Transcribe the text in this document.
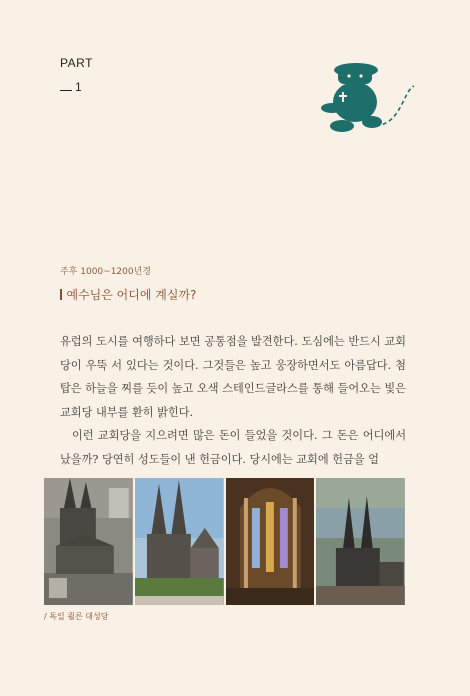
PART
1
주후 1000~1200년경
예수님은 어디에 계실까?

유럽의 도시를 여행하다 보면 공통점을 발견한다. 도심에는 반드시 교회당이 우뚝 서 있다는 것이다. 그것들은 높고 웅장하면서도 아름답다. 첨탑은 하늘을 찌를 듯이 높고 오색 스테인드글라스를 통해 들어오는 빛은 교회당 내부를 환히 밝힌다.

이런 교회당을 지으려면 많은 돈이 들었을 것이다. 그 돈은 어디에서 났을까? 당연히 성도들이 낸 헌금이다. 당시에는 교회에 헌금을 얼

/ 독일 쾰른 대성당
